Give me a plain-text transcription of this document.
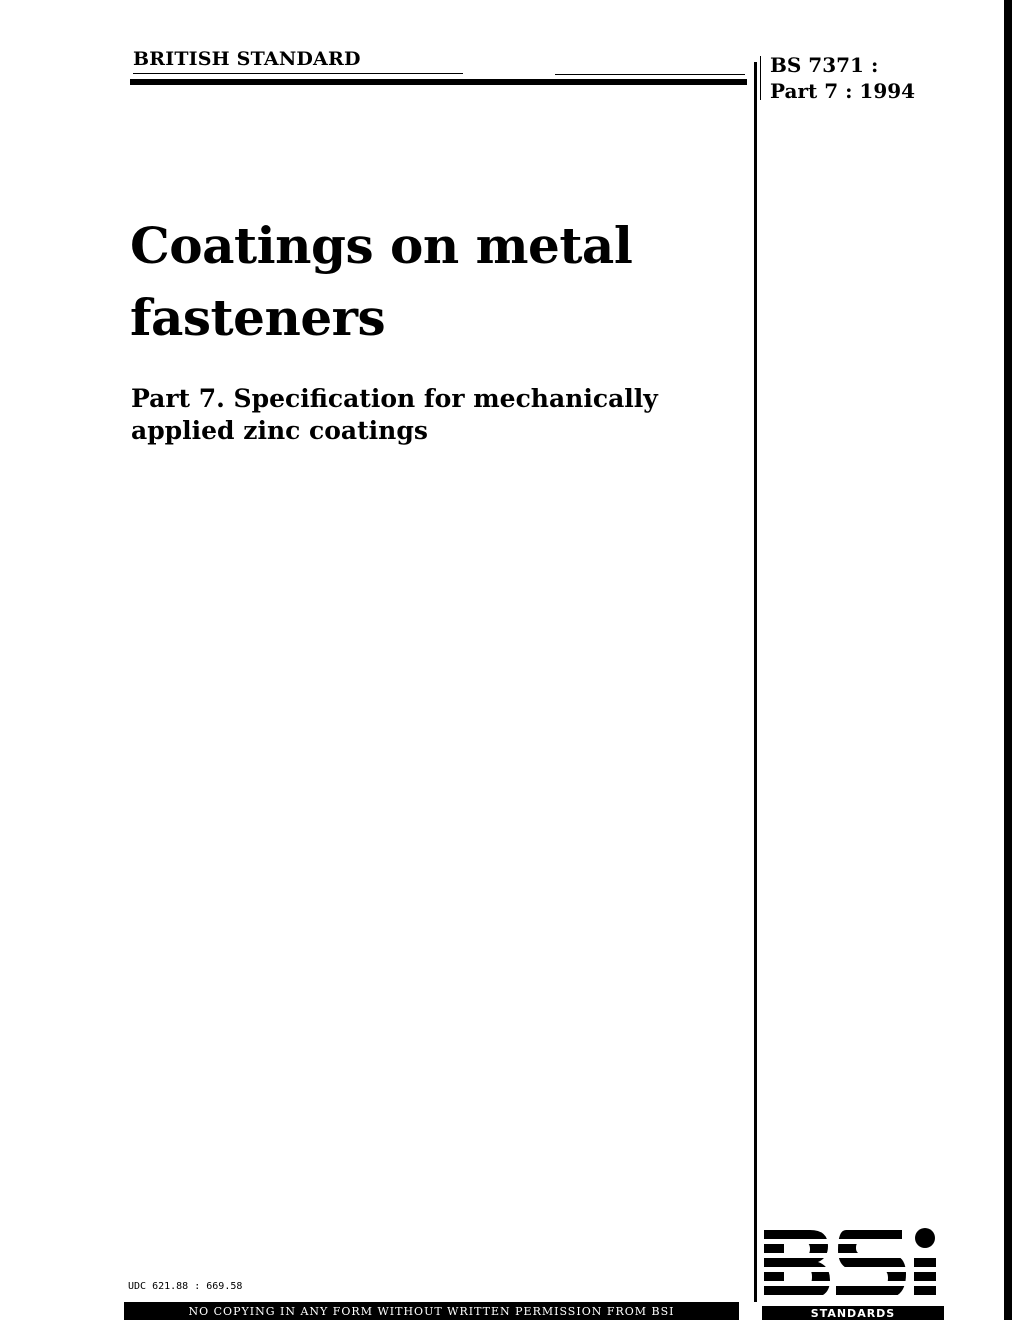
BRITISH STANDARD	BS 7371 :
Part 7 : 1994
Coatings on metal
fasteners
Part 7. Specification for mechanically
applied zinc coatings
UDC 621.88 : 669.58
NO COPYING IN ANY FORM WITHOUT WRITTEN PERMISSION FROM BSI	STANDARDS
